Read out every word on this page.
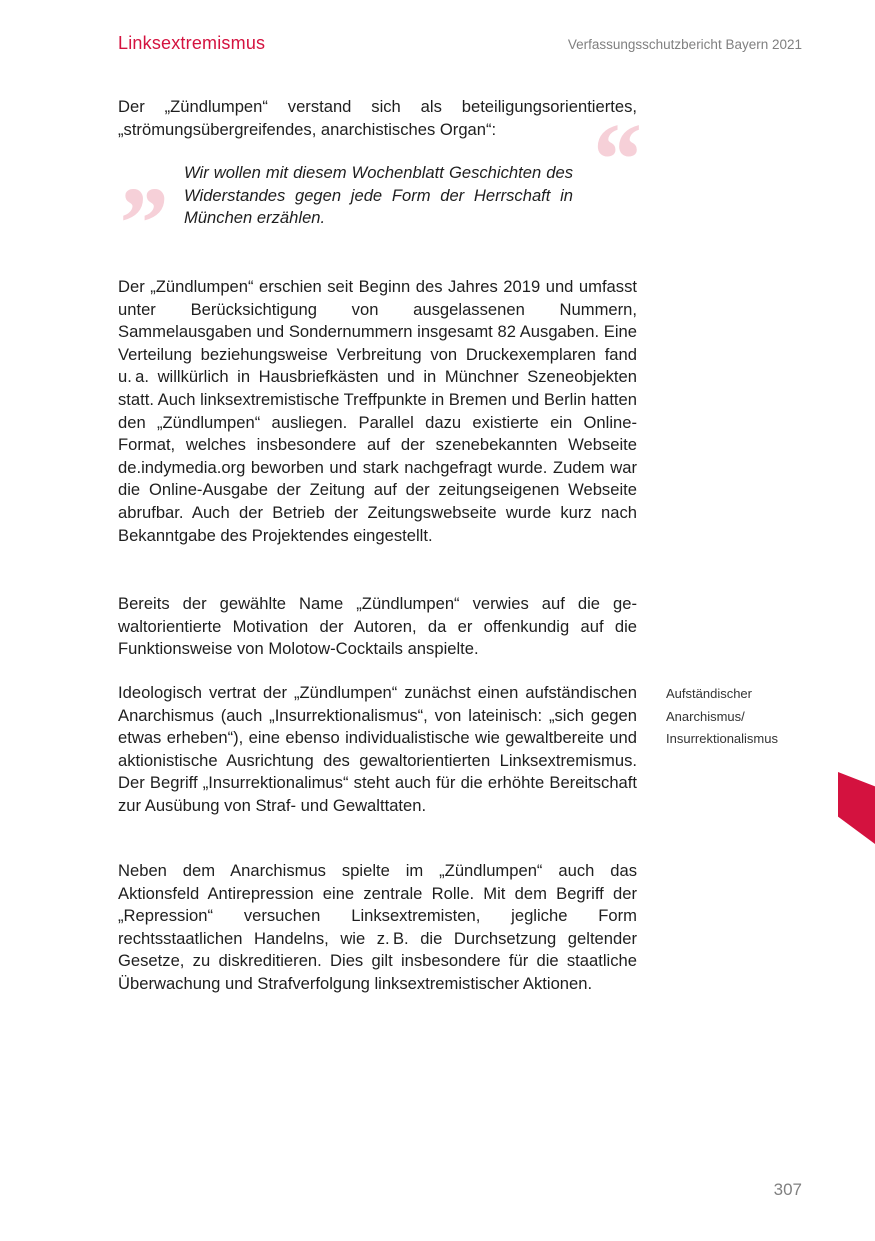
Linksextremismus	Verfassungsschutzbericht Bayern 2021

Der „Zündlumpen“ verstand sich als beteiligungsorientiertes, „strömungsübergreifendes, anarchistisches Organ“: “
” Wir wollen mit diesem Wochenblatt Geschichten des Widerstandes gegen jede Form der Herrschaft in München erzählen.

Der „Zündlumpen“ erschien seit Beginn des Jahres 2019 und umfasst unter Berücksichtigung von ausgelassenen Nummern, Sammelausgaben und Sondernummern insgesamt 82 Ausgaben. Eine Verteilung beziehungsweise Verbreitung von Druckexemplaren fand u. a. willkürlich in Hausbriefkästen und in Münchner Szeneobjekten statt. Auch linksextremistische Treffpunkte in Bremen und Berlin hatten den „Zündlumpen“ ausliegen. Parallel dazu existierte ein Online-Format, welches insbesondere auf der szenebekannten Webseite de.indymedia.org beworben und stark nachgefragt wurde. Zudem war die Online-Ausgabe der Zeitung auf der zeitungseigenen Webseite abrufbar. Auch der Betrieb der Zeitungswebseite wurde kurz nach Bekanntgabe des Projektendes eingestellt.

Bereits der gewählte Name „Zündlumpen“ verwies auf die gewaltorientierte Motivation der Autoren, da er offenkundig auf die Funktionsweise von Molotow-Cocktails anspielte.

Ideologisch vertrat der „Zündlumpen“ zunächst einen aufständischen Anarchismus (auch „Insurrektionalismus“, von lateinisch: „sich gegen etwas erheben“), eine ebenso individualistische wie gewaltbereite und aktionistische Ausrichtung des gewaltorientierten Linksextremismus. Der Begriff „Insurrektionalimus“ steht auch für die erhöhte Bereitschaft zur Ausübung von Straf- und Gewalttaten.

Neben dem Anarchismus spielte im „Zündlumpen“ auch das Aktionsfeld Antirepression eine zentrale Rolle. Mit dem Begriff der „Repression“ versuchen Linksextremisten, jegliche Form rechtsstaatlichen Handelns, wie z. B. die Durchsetzung geltender Gesetze, zu diskreditieren. Dies gilt insbesondere für die staatliche Überwachung und Strafverfolgung linksextremistischer Aktionen.

Aufständischer
Anarchismus/
Insurrektionalismus
307
